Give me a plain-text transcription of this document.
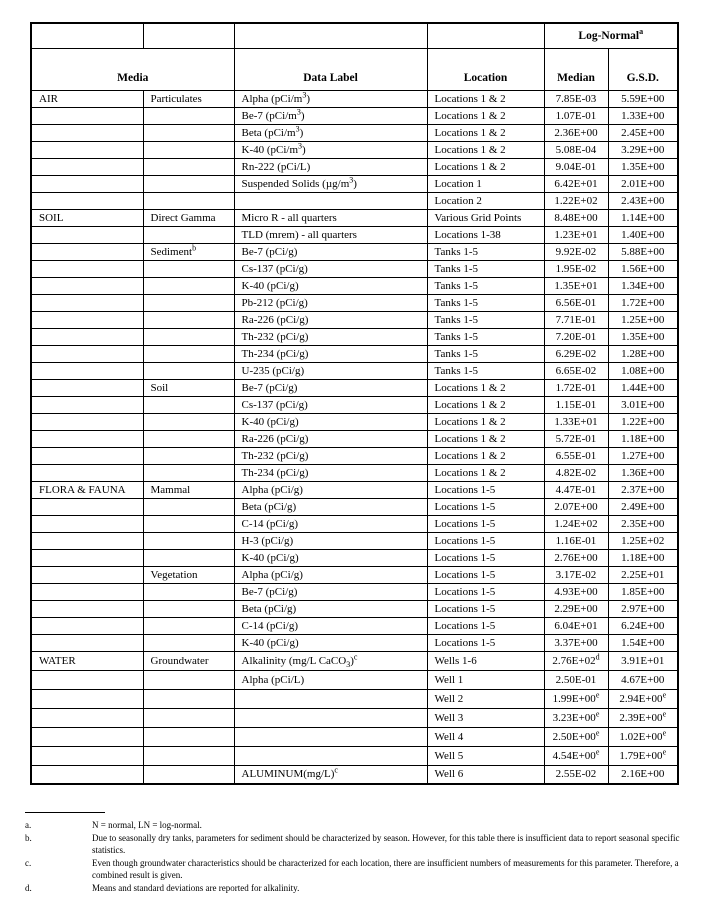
				Log-Normal$^a$
Media		Data Label	Location	Median	G.S.D.
AIR	Particulates	Alpha $(pCi/m^3)$	Locations 1 & 2	7.85E-03	5.59E+00
		Be-7 $(pCi/m^3)$	Locations 1 & 2	1.07E-01	1.33E+00
		Beta $(pCi/m^3)$	Locations 1 & 2	2.36E+00	2.45E+00
		K-40 $(pCi/m^3)$	Locations 1 & 2	5.08E-04	3.29E+00
		Rn-222 (pCi/L)	Locations 1 & 2	9.04E-01	1.35E+00
		Suspended Solids $(\mu g/m^3)$	Location 1	6.42E+01	2.01E+00
			Location 2	1.22E+02	2.43E+00
SOIL	Direct Gamma	Micro R - all quarters	Various Grid Points	8.48E+00	1.14E+00
		TLD (mrem) - all quarters	Locations 1-38	1.23E+01	1.40E+00
	Sediment$^b$	Be-7 (pCi/g)	Tanks 1-5	9.92E-02	5.88E+00
		Cs-137 (pCi/g)	Tanks 1-5	1.95E-02	1.56E+00
		K-40 (pCi/g)	Tanks 1-5	1.35E+01	1.34E+00
		Pb-212 (pCi/g)	Tanks 1-5	6.56E-01	1.72E+00
		Ra-226 (pCi/g)	Tanks 1-5	7.71E-01	1.25E+00
		Th-232 (pCi/g)	Tanks 1-5	7.20E-01	1.35E+00
		Th-234 (pCi/g)	Tanks 1-5	6.29E-02	1.28E+00
		U-235 (pCi/g)	Tanks 1-5	6.65E-02	1.08E+00
	Soil	Be-7 (pCi/g)	Locations 1 & 2	1.72E-01	1.44E+00
		Cs-137 (pCi/g)	Locations 1 & 2	1.15E-01	3.01E+00
		K-40 (pCi/g)	Locations 1 & 2	1.33E+01	1.22E+00
		Ra-226 (pCi/g)	Locations 1 & 2	5.72E-01	1.18E+00
		Th-232 (pCi/g)	Locations 1 & 2	6.55E-01	1.27E+00
		Th-234 (pCi/g)	Locations 1 & 2	4.82E-02	1.36E+00
FLORA & FAUNA	Mammal	Alpha (pCi/g)	Locations 1-5	4.47E-01	2.37E+00
		Beta (pCi/g)	Locations 1-5	2.07E+00	2.49E+00
		C-14 (pCi/g)	Locations 1-5	1.24E+02	2.35E+00
		H-3 (pCi/g)	Locations 1-5	1.16E-01	1.25E+02
		K-40 (pCi/g)	Locations 1-5	2.76E+00	1.18E+00
	Vegetation	Alpha (pCi/g)	Locations 1-5	3.17E-02	2.25E+01
		Be-7 (pCi/g)	Locations 1-5	4.93E+00	1.85E+00
		Beta (pCi/g)	Locations 1-5	2.29E+00	2.97E+00
		C-14 (pCi/g)	Locations 1-5	6.04E+01	6.24E+00
		K-40 (pCi/g)	Locations 1-5	3.37E+00	1.54E+00
WATER	Groundwater	Alkalinity (mg/L CaCO$_3$)$^c$	Wells 1-6	$2.76E+02^d$	3.91E+01
		Alpha (pCi/L)	Well 1	2.50E-01	4.67E+00
			Well 2	$1.99E+00^e$	$2.94E+00^e$
			Well 3	$3.23E+00^e$	$2.39E+00^e$
			Well 4	$2.50E+00^e$	$1.02E+00^e$
			Well 5	$4.54E+00^e$	$1.79E+00^e$
		$ALUMINUM(mg/L)^c$	Well 6	2.55E-02	2.16E+00
a.	N = normal, LN = log-normal.
b.	Due to seasonally dry tanks, parameters for sediment should be characterized by season. However, for this table there is insufficient data to report seasonal specific statistics.
c.	Even though groundwater characteristics should be characterized for each location, there are insufficient numbers of measurements for this parameter. Therefore, a combined result is given.
d.	Means and standard deviations are reported for alkalinity.
